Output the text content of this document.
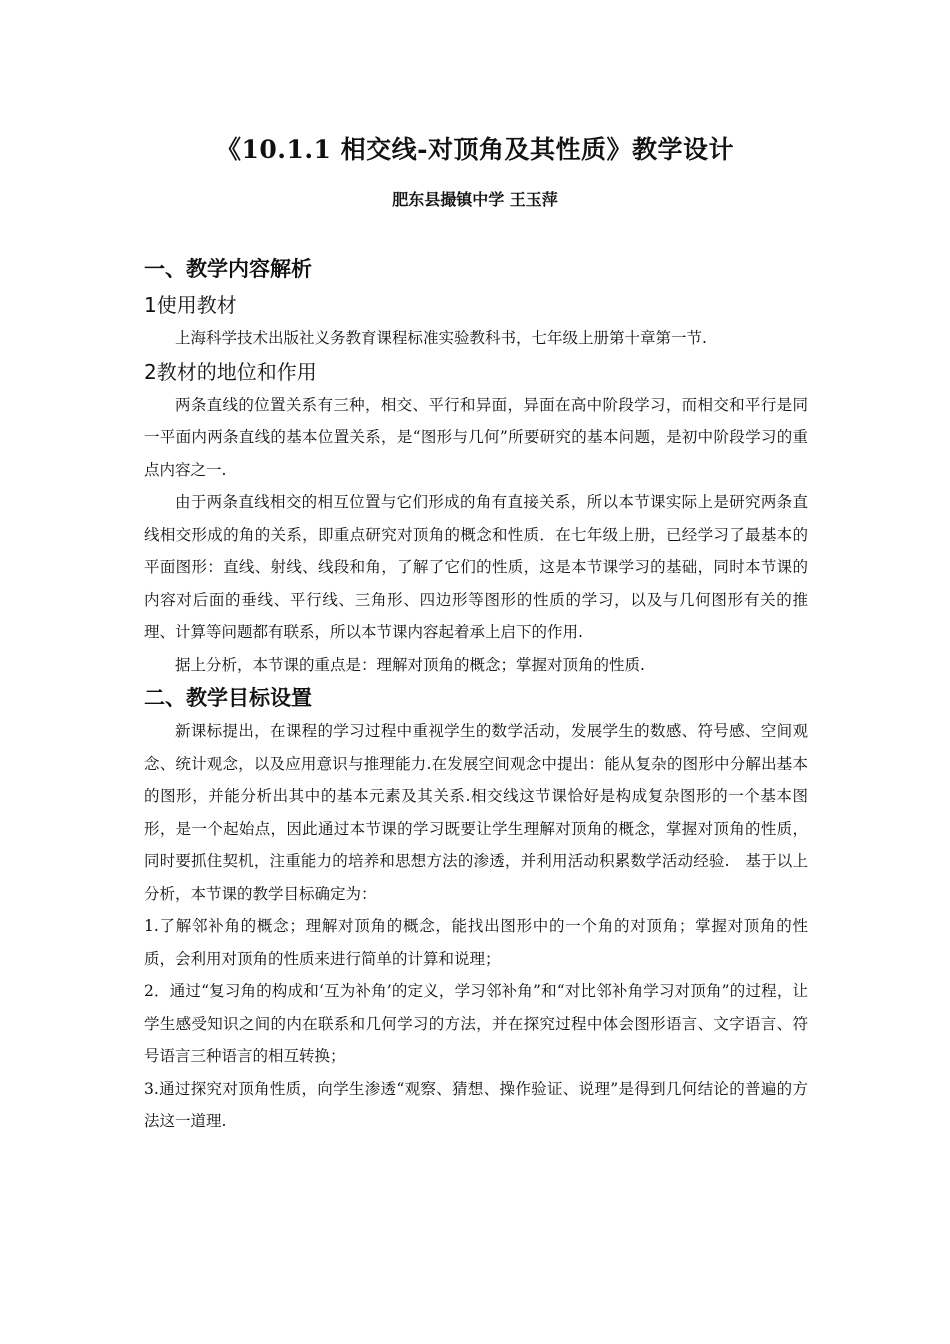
《10.1.1 相交线-对顶角及其性质》教学设计
肥东县撮镇中学 王玉萍
一、教学内容解析
1使用教材

上海科学技术出版社义务教育课程标准实验教科书，七年级上册第十章第一节.

2教材的地位和作用

两条直线的位置关系有三种，相交、平行和异面，异面在高中阶段学习，而相交和平行是同一平面内两条直线的基本位置关系，是“图形与几何”所要研究的基本问题，是初中阶段学习的重点内容之一.

由于两条直线相交的相互位置与它们形成的角有直接关系，所以本节课实际上是研究两条直线相交形成的角的关系，即重点研究对顶角的概念和性质．在七年级上册，已经学习了最基本的平面图形：直线、射线、线段和角，了解了它们的性质，这是本节课学习的基础，同时本节课的内容对后面的垂线、平行线、三角形、四边形等图形的性质的学习，以及与几何图形有关的推理、计算等问题都有联系，所以本节课内容起着承上启下的作用.

据上分析，本节课的重点是：理解对顶角的概念；掌握对顶角的性质.

二、教学目标设置

新课标提出，在课程的学习过程中重视学生的数学活动，发展学生的数感、符号感、空间观念、统计观念，以及应用意识与推理能力.在发展空间观念中提出：能从复杂的图形中分解出基本的图形，并能分析出其中的基本元素及其关系.相交线这节课恰好是构成复杂图形的一个基本图形，是一个起始点，因此通过本节课的学习既要让学生理解对顶角的概念，掌握对顶角的性质，同时要抓住契机，注重能力的培养和思想方法的渗透，并利用活动积累数学活动经验.　基于以上分析，本节课的教学目标确定为：

1.了解邻补角的概念；理解对顶角的概念，能找出图形中的一个角的对顶角；掌握对顶角的性质，会利用对顶角的性质来进行简单的计算和说理；

2．通过“复习角的构成和‘互为补角’的定义，学习邻补角”和“对比邻补角学习对顶角”的过程，让学生感受知识之间的内在联系和几何学习的方法，并在探究过程中体会图形语言、文字语言、符号语言三种语言的相互转换；

3.通过探究对顶角性质，向学生渗透“观察、猜想、操作验证、说理”是得到几何结论的普遍的方法这一道理.
